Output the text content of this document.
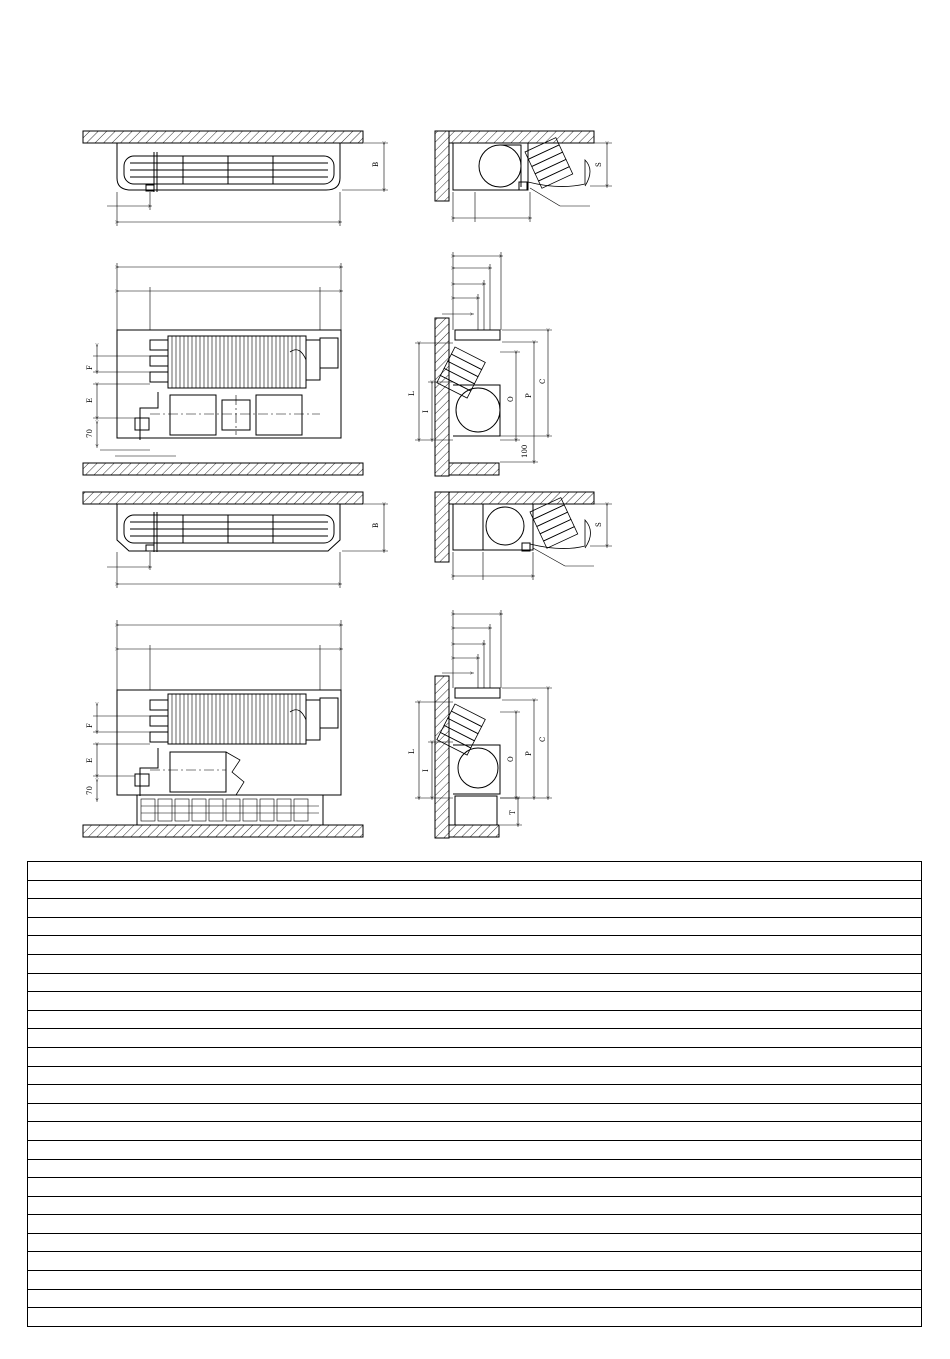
B	S
F
E
70
L
I
O
P
C
100
B	S
F
E
70
L
I
O
P
C
T
